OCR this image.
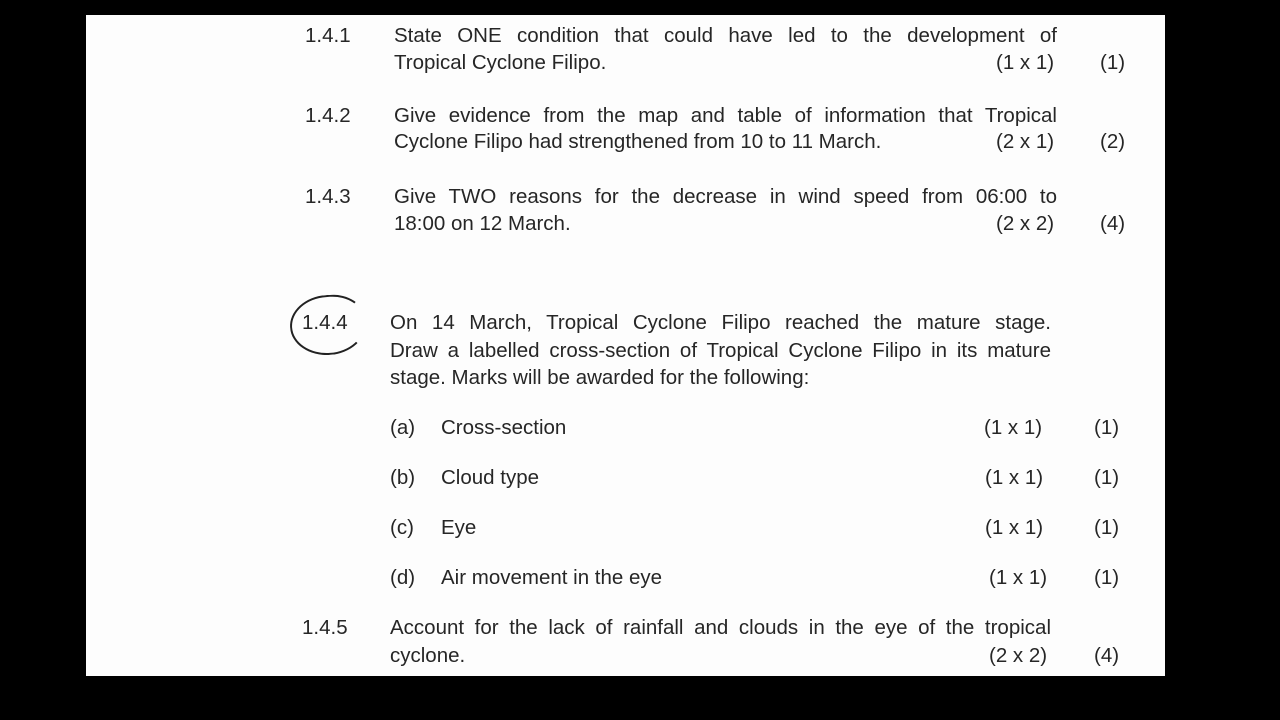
1.4.1 State ONE condition that could have led to the development of
Tropical Cyclone Filipo.	(1 x 1) (1)
1.4.2 Give evidence from the map and table of information that Tropical
Cyclone Filipo had strengthened from 10 to 11 March.	(2 x 1) (2)
1.4.3 Give TWO reasons for the decrease in wind speed from 06:00 to
18:00 on 12 March.	(2 x 2) (4)
1.4.4 On 14 March, Tropical Cyclone Filipo reached the mature stage.
Draw a labelled cross-section of Tropical Cyclone Filipo in its mature
stage. Marks will be awarded for the following:
(a) Cross-section	(1 x 1)	(1)
(b) Cloud type	(1 x 1) (1)
(c) Eye	(1 x 1) (1)
(d) Air movement in the eye	(1 x 1) (1)
1.4.5 Account for the lack of rainfall and clouds in the eye of the tropical
cyclone.	(2 x 2) (4)
